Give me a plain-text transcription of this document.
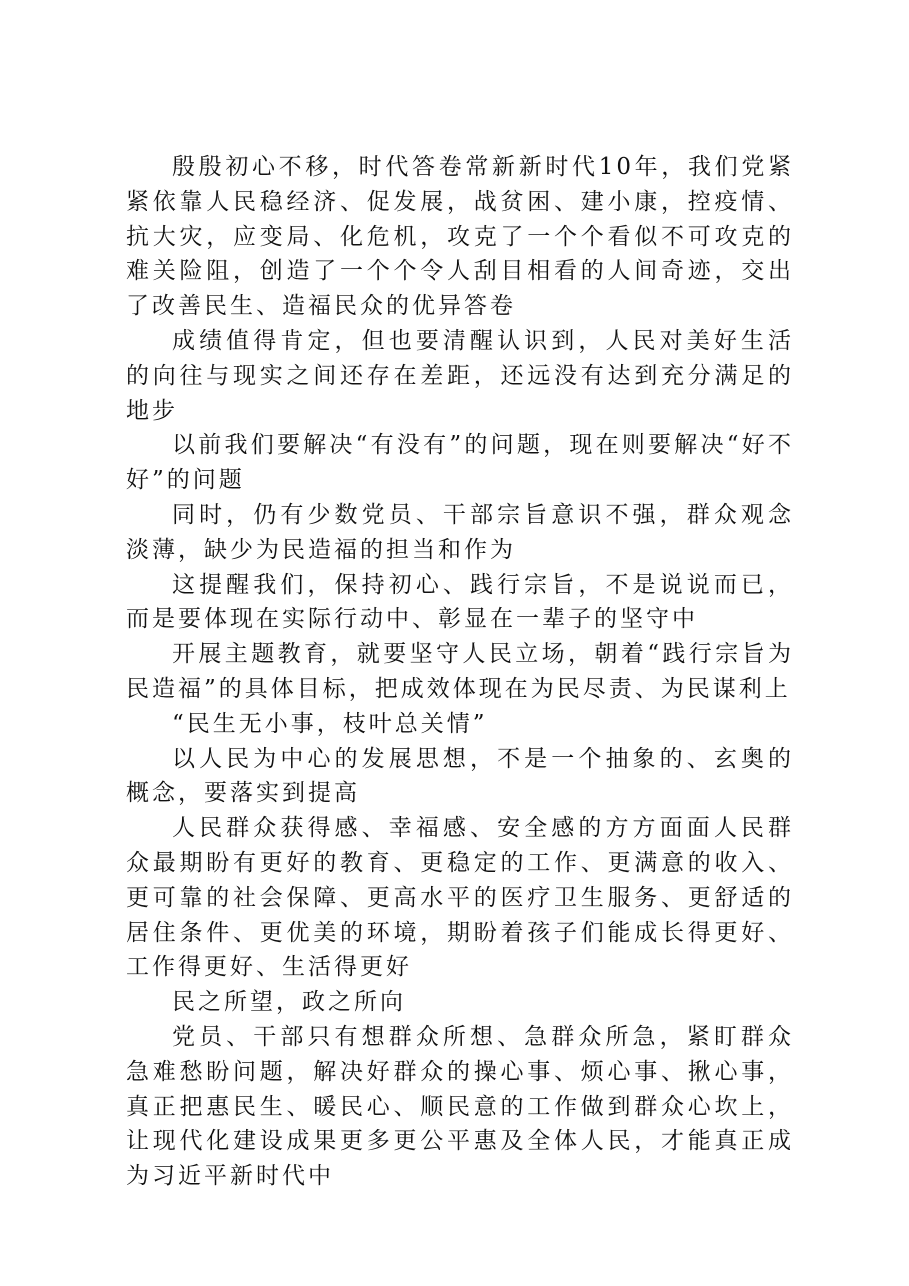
殷殷初心不移，时代答卷常新新时代10年，我们党紧紧依靠人民稳经济、促发展，战贫困、建小康，控疫情、抗大灾，应变局、化危机，攻克了一个个看似不可攻克的难关险阻，创造了一个个令人刮目相看的人间奇迹，交出了改善民生、造福民众的优异答卷

成绩值得肯定，但也要清醒认识到，人民对美好生活的向往与现实之间还存在差距，还远没有达到充分满足的地步

以前我们要解决“有没有”的问题，现在则要解决“好不好”的问题

同时，仍有少数党员、干部宗旨意识不强，群众观念淡薄，缺少为民造福的担当和作为

这提醒我们，保持初心、践行宗旨，不是说说而已，而是要体现在实际行动中、彰显在一辈子的坚守中

开展主题教育，就要坚守人民立场，朝着“践行宗旨为民造福”的具体目标，把成效体现在为民尽责、为民谋利上

“民生无小事，枝叶总关情”

以人民为中心的发展思想，不是一个抽象的、玄奥的概念，要落实到提高

人民群众获得感、幸福感、安全感的方方面面人民群众最期盼有更好的教育、更稳定的工作、更满意的收入、更可靠的社会保障、更高水平的医疗卫生服务、更舒适的居住条件、更优美的环境，期盼着孩子们能成长得更好、工作得更好、生活得更好

民之所望，政之所向

党员、干部只有想群众所想、急群众所急，紧盯群众急难愁盼问题，解决好群众的操心事、烦心事、揪心事，真正把惠民生、暖民心、顺民意的工作做到群众心坎上，让现代化建设成果更多更公平惠及全体人民，才能真正成为习近平新时代中
